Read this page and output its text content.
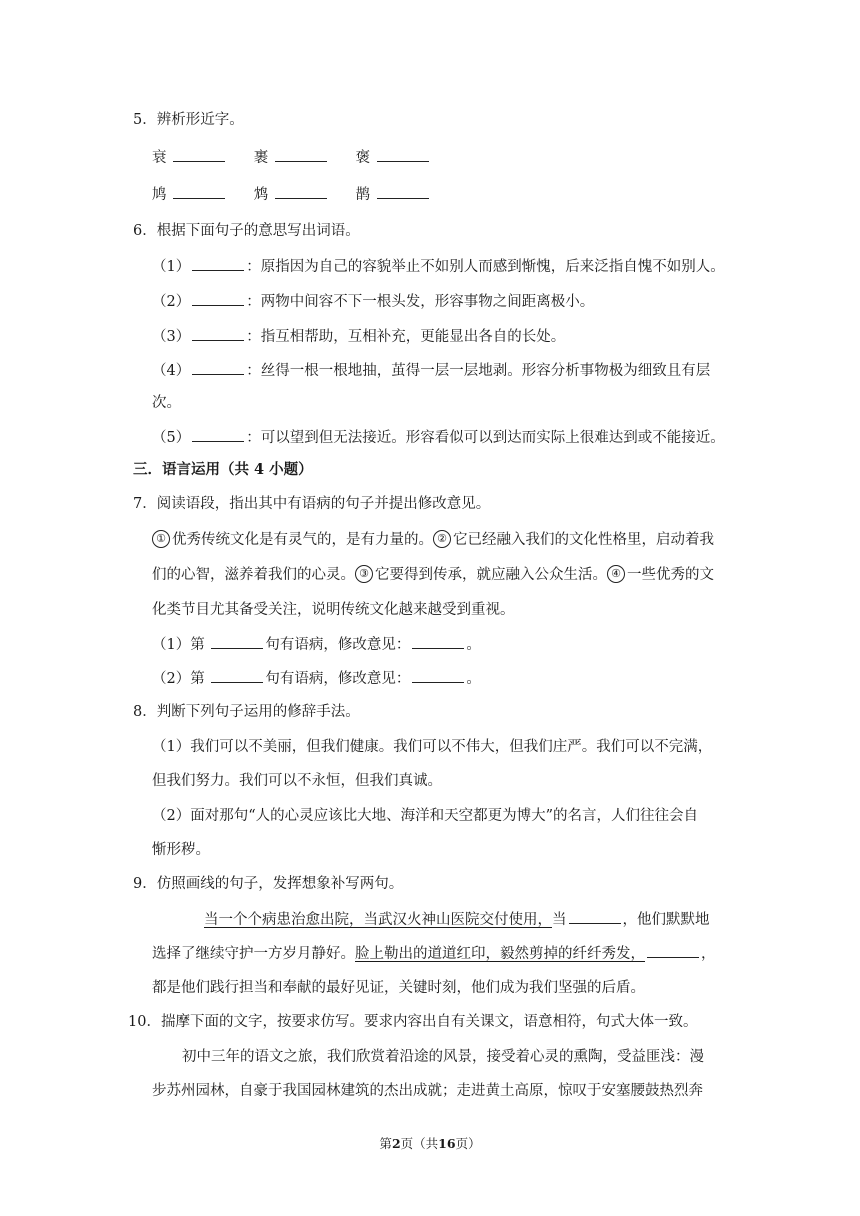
5．辨析形近字。
衰	裹	褒
鸠	鸩	鹊
6．根据下面句子的意思写出词语。
（1）	：原指因为自己的容貌举止不如别人而感到惭愧，后来泛指自愧不如别人。
（2）	：两物中间容不下一根头发，形容事物之间距离极小。
（3）	：指互相帮助，互相补充，更能显出各自的长处。
（4）	：丝得一根一根地抽，茧得一层一层地剥。形容分析事物极为细致且有层
次。
（5）	：可以望到但无法接近。形容看似可以到达而实际上很难达到或不能接近。
三．语言运用（共 4 小题）
7．阅读语段，指出其中有语病的句子并提出修改意见。
① 优秀传统文化是有灵气的，是有力量的。 ② 它已经融入我们的文化性格里，启动着我
们的心智，滋养着我们的心灵。 ③ 它要得到传承，就应融入公众生活。 ④ 一些优秀的文
化类节目尤其备受关注，说明传统文化越来越受到重视。
（1）第	句有语病，修改意见：	。
（2）第	句有语病，修改意见：	。
8．判断下列句子运用的修辞手法。
（1）我们可以不美丽，但我们健康。我们可以不伟大，但我们庄严。我们可以不完满，
但我们努力。我们可以不永恒，但我们真诚。
（2）面对那句“人的心灵应该比大地、海洋和天空都更为博大”的名言，人们往往会自
惭形秽。
9．仿照画线的句子，发挥想象补写两句。
当一个个病患治愈出院，当武汉火神山医院交付使用，当	，他们默默地
选择了继续守护一方岁月静好。脸上勒出的道道红印，毅然剪掉的纤纤秀发，	，
都是他们践行担当和奉献的最好见证，关键时刻，他们成为我们坚强的后盾。
10．揣摩下面的文字，按要求仿写。要求内容出自有关课文，语意相符，句式大体一致。
初中三年的语文之旅，我们欣赏着沿途的风景，接受着心灵的熏陶，受益匪浅：漫
步苏州园林，自豪于我国园林建筑的杰出成就；走进黄土高原，惊叹于安塞腰鼓热烈奔
第2页（共16页）
